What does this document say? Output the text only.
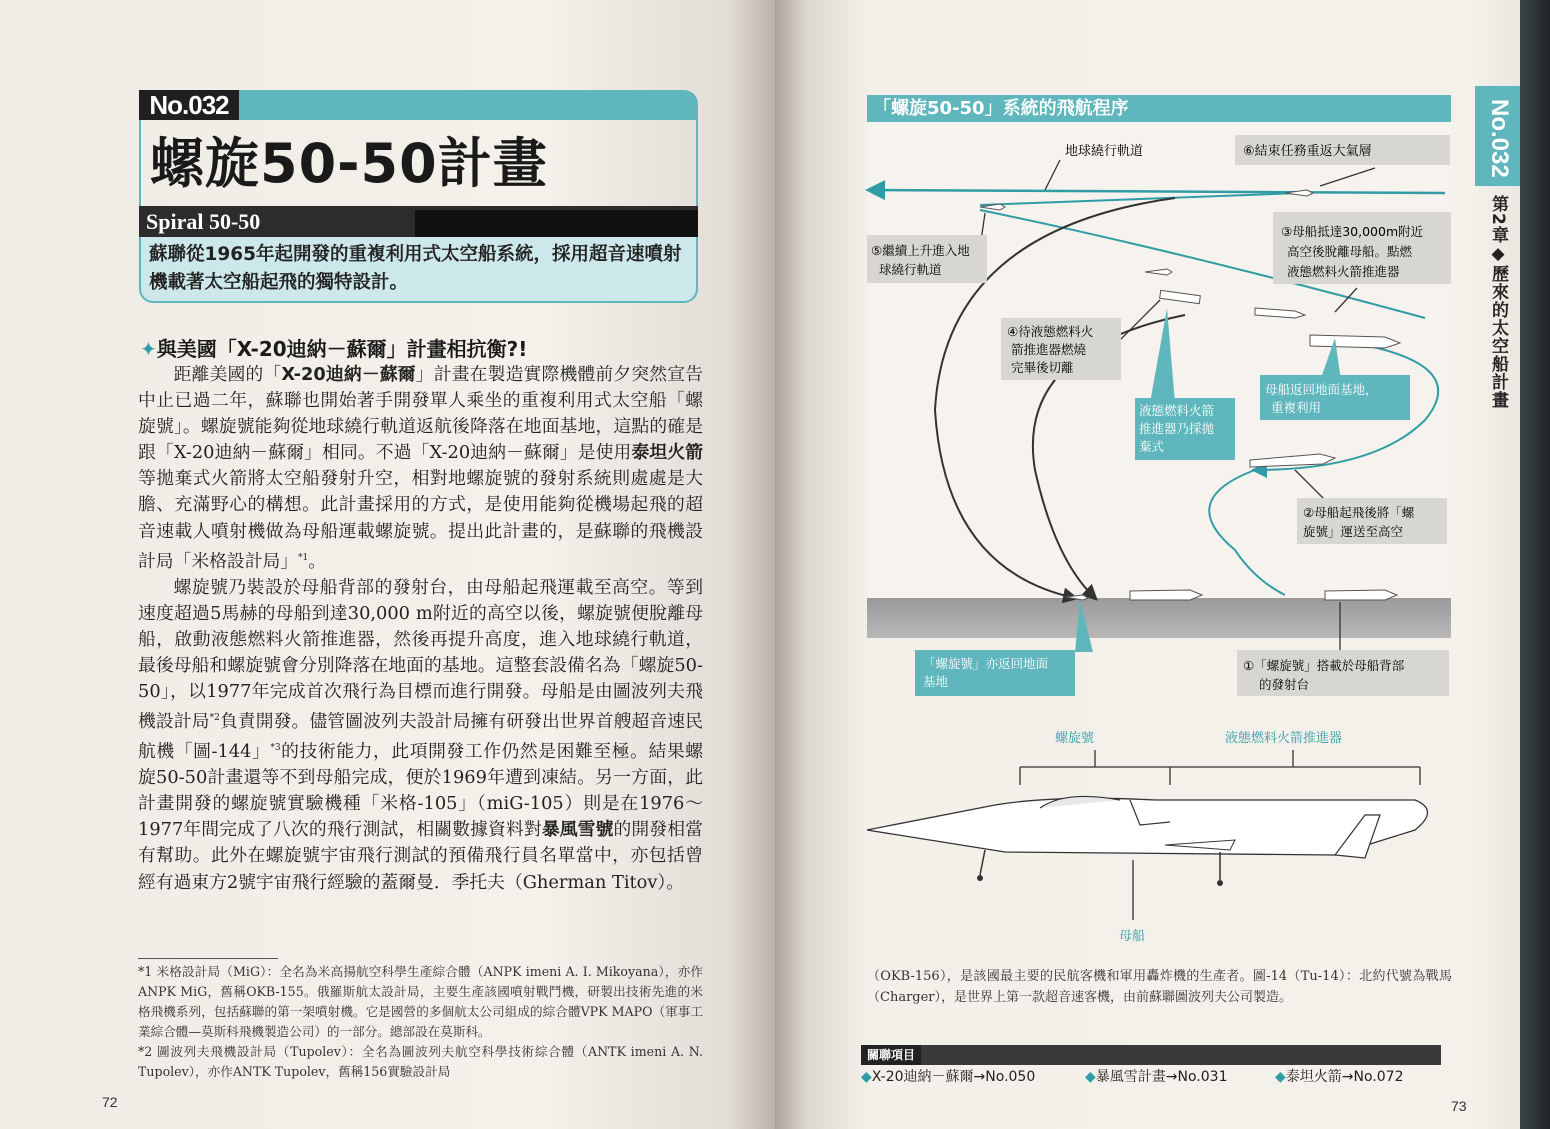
No.032
螺旋50-50計畫
Spiral 50-50
蘇聯從1965年起開發的重複利用式太空船系統，採用超音速噴射機載著太空船起飛的獨特設計。
✦與美國「X-20迪納－蘇爾」計畫相抗衡?!

距離美國的「X-20迪納－蘇爾」計畫在製造實際機體前夕突然宣告中止已過二年，蘇聯也開始著手開發單人乘坐的重複利用式太空船「螺旋號」。螺旋號能夠從地球繞行軌道返航後降落在地面基地，這點的確是跟「X-20迪納－蘇爾」相同。不過「X-20迪納－蘇爾」是使用泰坦火箭等拋棄式火箭將太空船發射升空，相對地螺旋號的發射系統則處處是大膽、充滿野心的構想。此計畫採用的方式，是使用能夠從機場起飛的超音速載人噴射機做為母船運載螺旋號。提出此計畫的，是蘇聯的飛機設計局「米格設計局」$^{*1}$。

螺旋號乃裝設於母船背部的發射台，由母船起飛運載至高空。等到速度超過5馬赫的母船到達30,000 m附近的高空以後，螺旋號便脫離母船，啟動液態燃料火箭推進器，然後再提升高度，進入地球繞行軌道，最後母船和螺旋號會分別降落在地面的基地。這整套設備名為「螺旋50-50」，以1977年完成首次飛行為目標而進行開發。母船是由圖波列夫飛機設計局$^{*2}$負責開發。儘管圖波列夫設計局擁有研發出世界首艘超音速民航機「圖-144」$^{*3}$的技術能力，此項開發工作仍然是困難至極。結果螺旋50-50計畫還等不到母船完成，便於1969年遭到凍結。另一方面，此計畫開發的螺旋號實驗機種「米格-105」（miG-105）則是在1976～1977年間完成了八次的飛行測試，相關數據資料對暴風雪號的開發相當有幫助。此外在螺旋號宇宙飛行測試的預備飛行員名單當中，亦包括曾經有過東方2號宇宙飛行經驗的蓋爾曼．季托夫（Gherman Titov）。

*1 米格設計局（MiG）：全名為米高揚航空科學生產綜合體（ANPK imeni A. I. Mikoyana），亦作ANPK MiG，舊稱OKB-155。俄羅斯航太設計局，主要生產該國噴射戰鬥機，研製出技術先進的米格飛機系列，包括蘇聯的第一架噴射機。它是國營的多個航太公司組成的綜合體VPK MAPO（軍事工業綜合體—莫斯科飛機製造公司）的一部分。總部設在莫斯科。

*2 圖波列夫飛機設計局（Tupolev）：全名為圖波列夫航空科學技術綜合體（ANTK imeni A. N. Tupolev），亦作ANTK Tupolev，舊稱156實驗設計局

72
No.032
第2章◆歷來的太空船計畫
「螺旋50-50」系統的飛航程序
地球繞行軌道	⑥結束任務重返大氣層
⑤繼續上升進入地
球繞行軌道
③母船抵達30,000m附近
高空後脫離母船。點燃
液態燃料火箭推進器
④待液態燃料火
箭推進器燃燒
完畢後切離
母船返回地面基地，
重複利用
液態燃料火箭
推進器乃採拋
棄式
②母船起飛後將「螺
旋號」運送至高空
「螺旋號」亦返回地面
基地
①「螺旋號」搭載於母船背部
的發射台
螺旋號	液態燃料火箭推進器
母船
（OKB-156），是該國最主要的民航客機和軍用轟炸機的生產者。圖-14（Tu-14）：北約代號為戰馬（Charger），是世界上第一款超音速客機，由前蘇聯圖波列夫公司製造。
關聯項目
◆X-20迪納－蘇爾→No.050	◆暴風雪計畫→No.031	◆泰坦火箭→No.072
73
